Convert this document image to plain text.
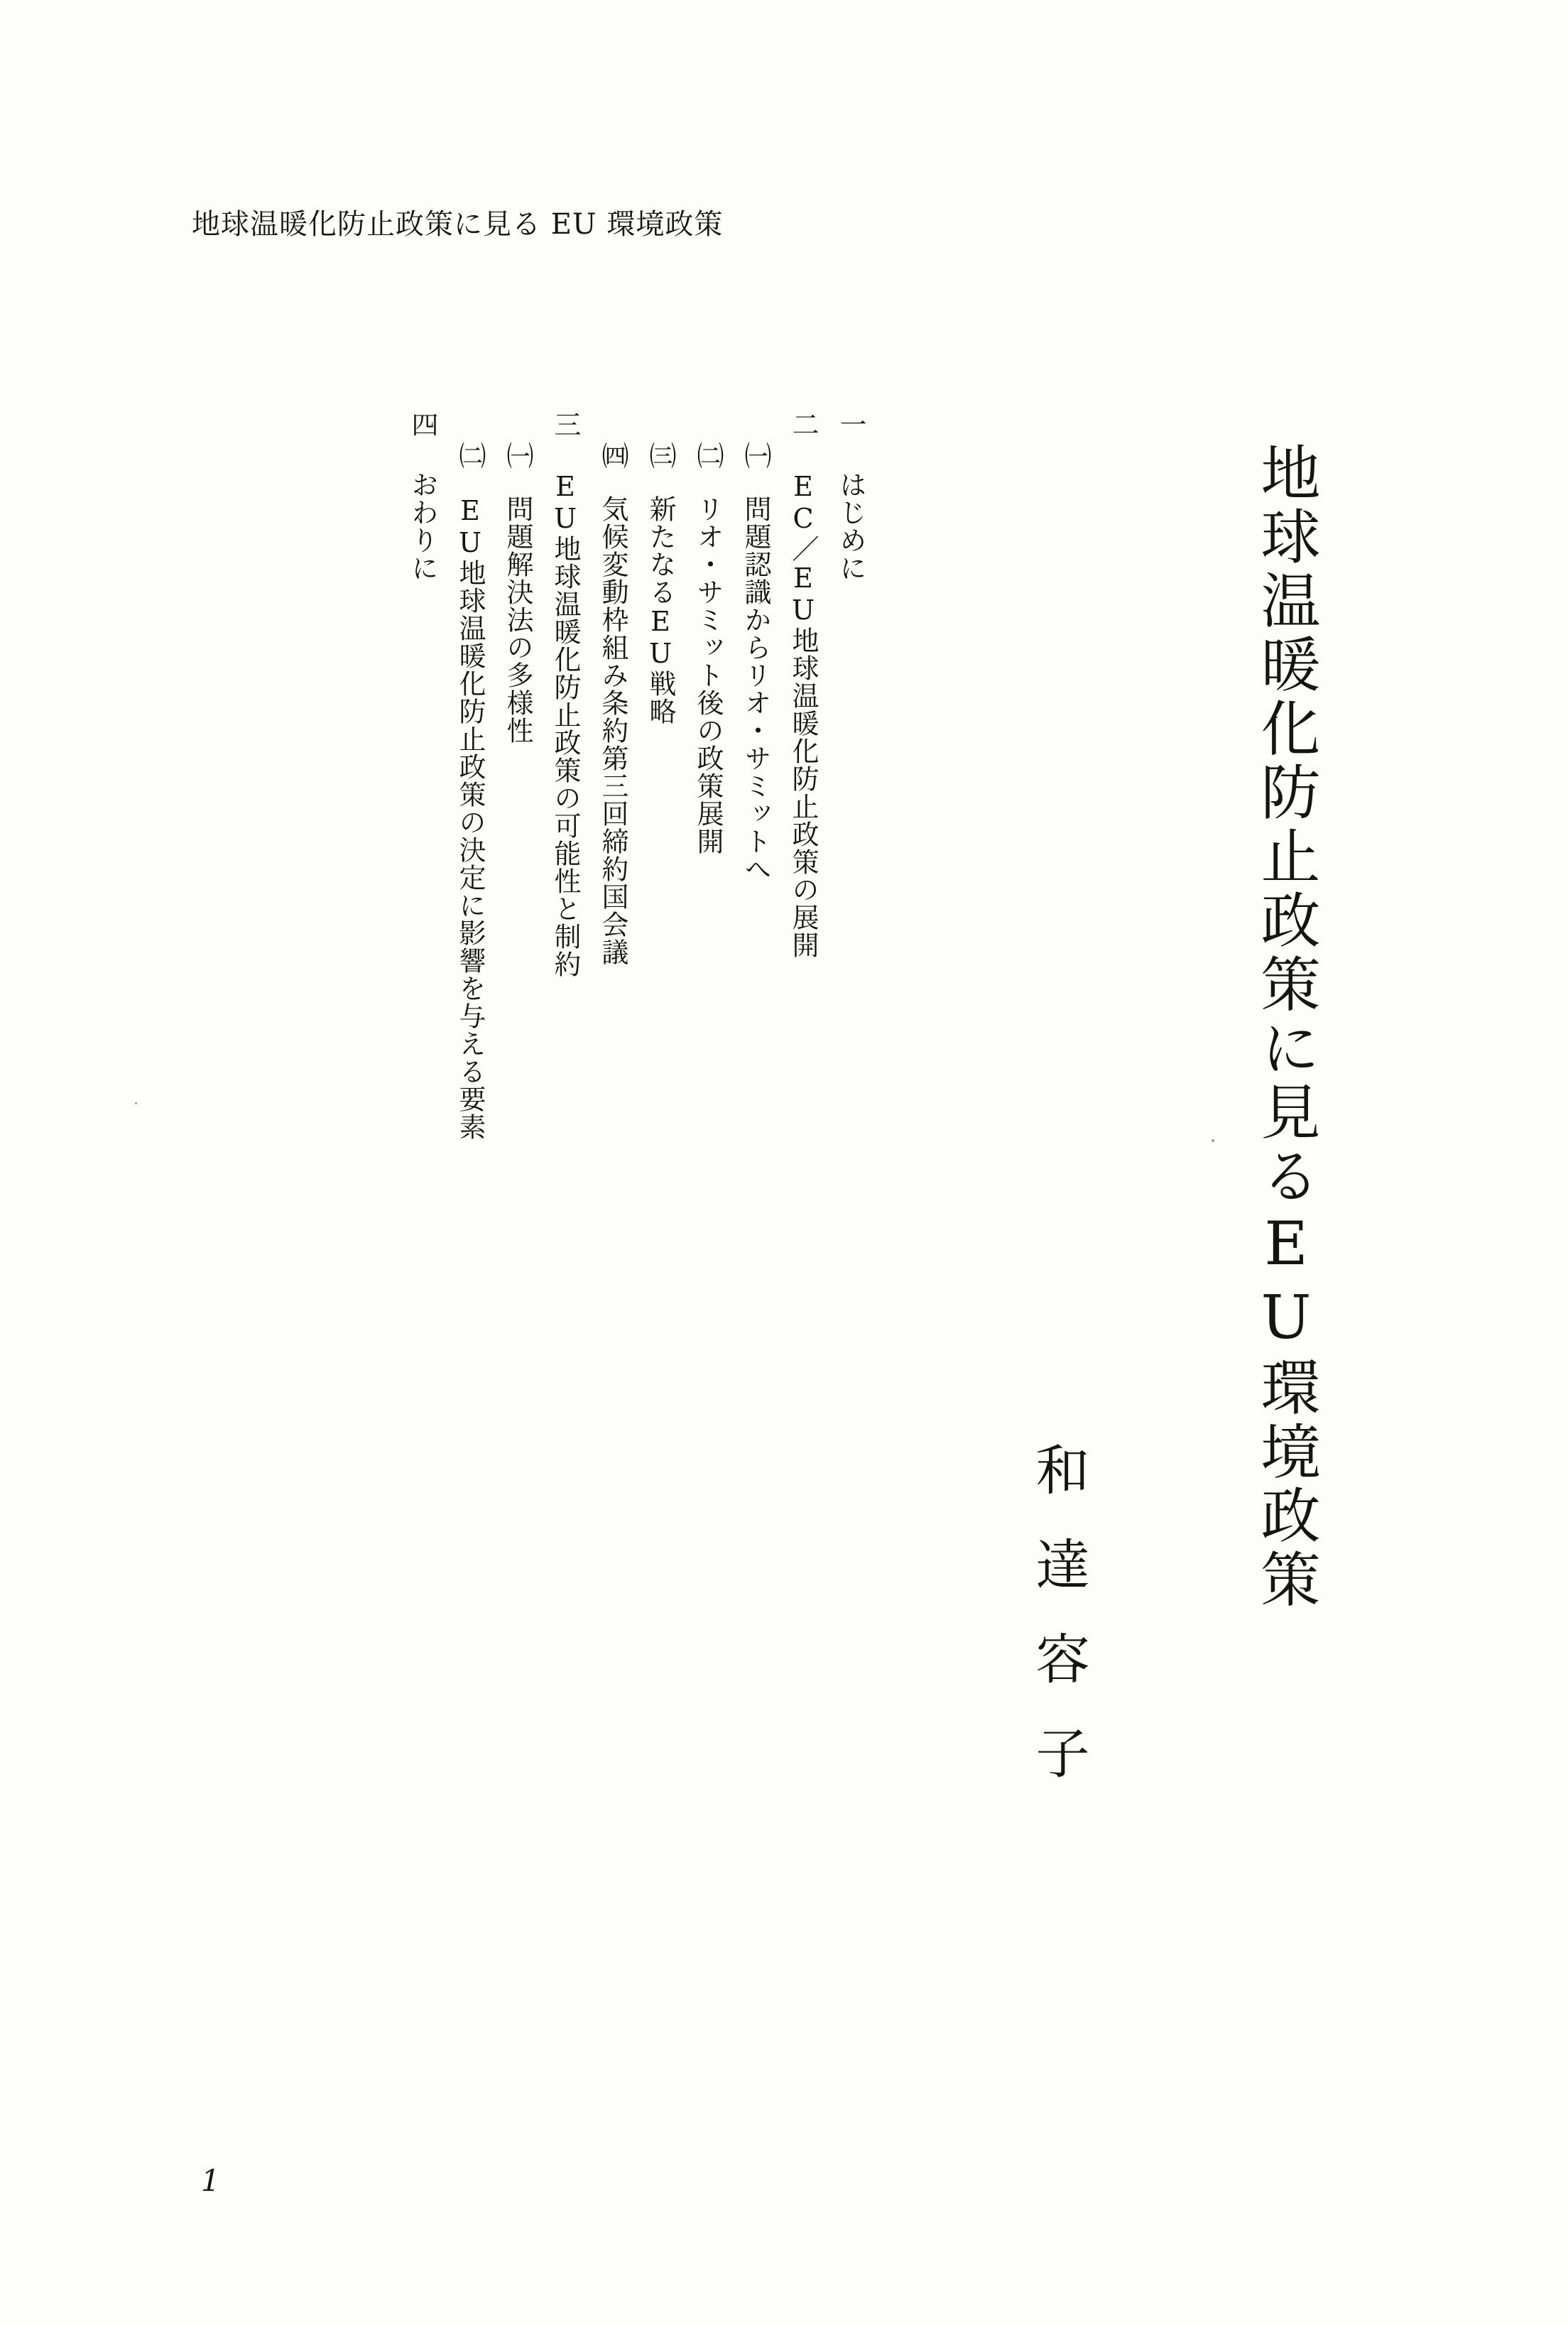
地球温暖化防止政策に見る EU 環境政策
地球温暖化防止政策に見るEU環境政策
和達容子
一はじめに
二EC／EU地球温暖化防止政策の展開
㈠問題認識からリオ・サミットへ
㈡リオ・サミット後の政策展開
㈢新たなるEU戦略
㈣気候変動枠組み条約第三回締約国会議
三EU地球温暖化防止政策の可能性と制約
㈠問題解決法の多様性
㈡EU地球温暖化防止政策の決定に影響を与える要素
四おわりに
1
